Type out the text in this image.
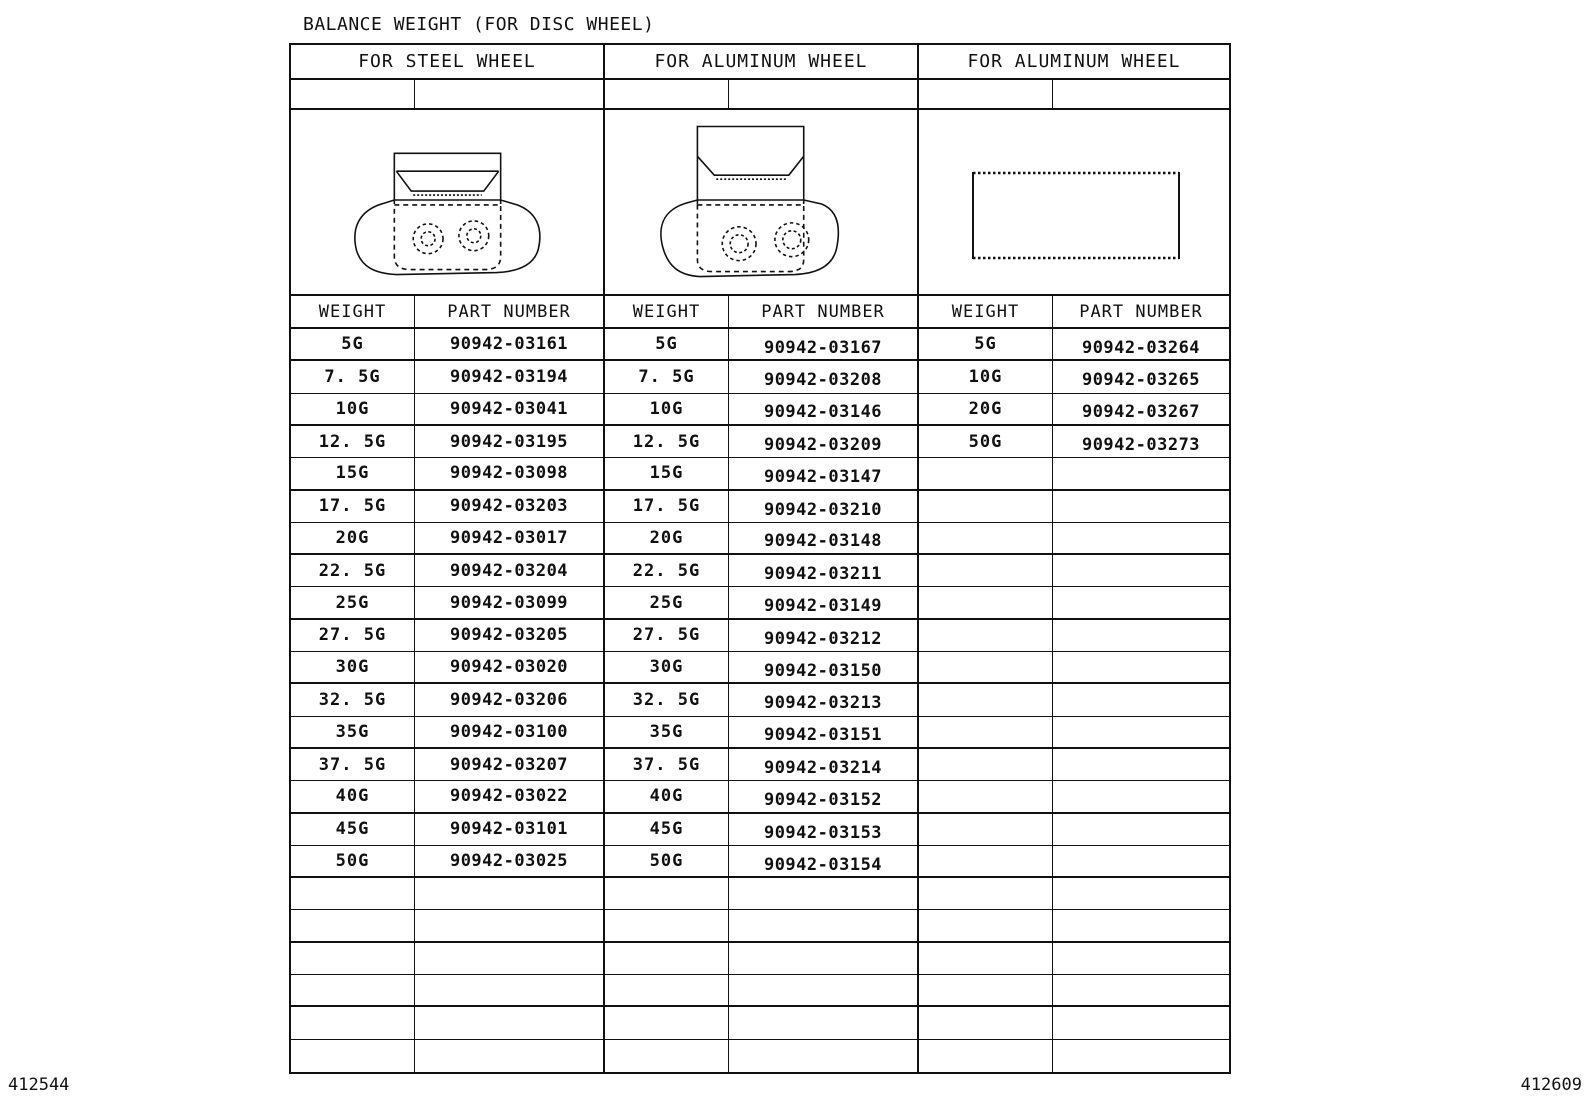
BALANCE WEIGHT (FOR DISC WHEEL)
FOR STEEL WHEEL	FOR ALUMINUM WHEEL	FOR ALUMINUM WHEEL
WEIGHT	PART NUMBER	WEIGHT	PART NUMBER	WEIGHT	PART NUMBER
5G	90942-03161	5G	90942-03167	5G	90942-03264
7. 5G	90942-03194	7. 5G	90942-03208	10G	90942-03265
10G	90942-03041	10G	90942-03146	20G	90942-03267
12. 5G	90942-03195	12. 5G	90942-03209	50G	90942-03273
15G	90942-03098	15G	90942-03147
17. 5G	90942-03203	17. 5G	90942-03210
20G	90942-03017	20G	90942-03148
22. 5G	90942-03204	22. 5G	90942-03211
25G	90942-03099	25G	90942-03149
27. 5G	90942-03205	27. 5G	90942-03212
30G	90942-03020	30G	90942-03150
32. 5G	90942-03206	32. 5G	90942-03213
35G	90942-03100	35G	90942-03151
37. 5G	90942-03207	37. 5G	90942-03214
40G	90942-03022	40G	90942-03152
45G	90942-03101	45G	90942-03153
50G	90942-03025	50G	90942-03154
412544	412609
